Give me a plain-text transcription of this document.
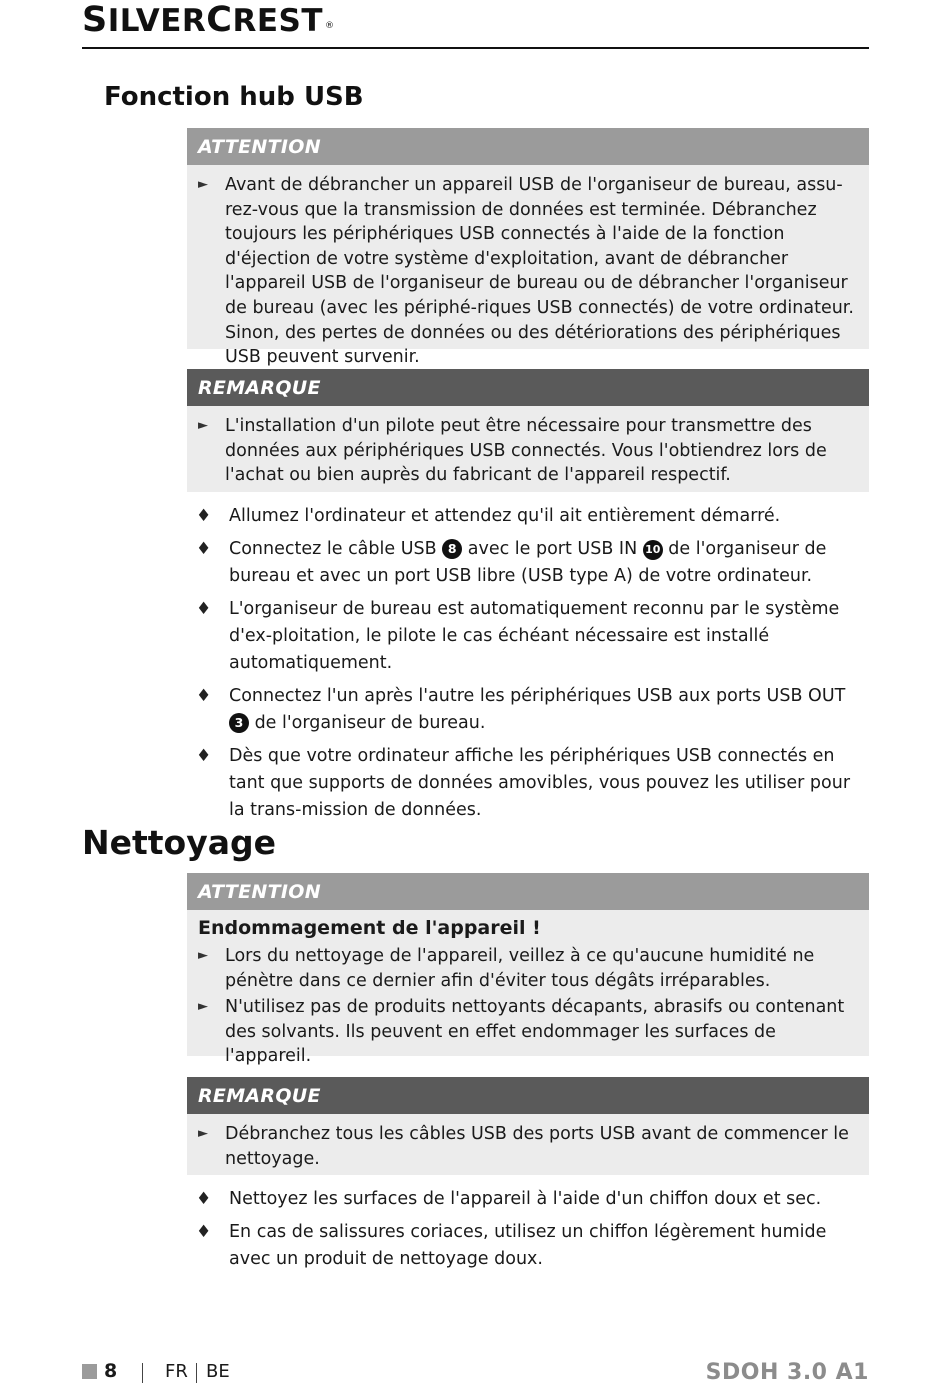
SILVERCREST ®
Fonction hub USB
ATTENTION
► Avant de débrancher un appareil USB de l'organiseur de bureau, assu-rez-vous que la transmission de données est terminée. Débranchez toujours les périphériques USB connectés à l'aide de la fonction d'éjection de votre système d'exploitation, avant de débrancher l'appareil USB de l'organiseur de bureau ou de débrancher l'organiseur de bureau (avec les périphé-riques USB connectés) de votre ordinateur. Sinon, des pertes de données ou des détériorations des périphériques USB peuvent survenir.
REMARQUE
► L'installation d'un pilote peut être nécessaire pour transmettre des données aux périphériques USB connectés. Vous l'obtiendrez lors de l'achat ou bien auprès du fabricant de l'appareil respectif.
♦ Allumez l'ordinateur et attendez qu'il ait entièrement démarré.
♦ Connectez le câble USB 8 avec le port USB IN 10 de l'organiseur de bureau et avec un port USB libre (USB type A) de votre ordinateur.
♦ L'organiseur de bureau est automatiquement reconnu par le système d'ex-ploitation, le pilote le cas échéant nécessaire est installé automatiquement.
♦ Connectez l'un après l'autre les périphériques USB aux ports USB OUT 3 de l'organiseur de bureau.
♦ Dès que votre ordinateur affiche les périphériques USB connectés en tant que supports de données amovibles, vous pouvez les utiliser pour la trans-mission de données.
Nettoyage
ATTENTION
Endommagement de l'appareil !
► Lors du nettoyage de l'appareil, veillez à ce qu'aucune humidité ne pénètre dans ce dernier afin d'éviter tous dégâts irréparables.
► N'utilisez pas de produits nettoyants décapants, abrasifs ou contenant des solvants. Ils peuvent en effet endommager les surfaces de l'appareil.
REMARQUE
► Débranchez tous les câbles USB des ports USB avant de commencer le nettoyage.
♦ Nettoyez les surfaces de l'appareil à l'aide d'un chiffon doux et sec.
♦ En cas de salissures coriaces, utilisez un chiffon légèrement humide avec un produit de nettoyage doux.
8	FR BE	SDOH 3.0 A1
